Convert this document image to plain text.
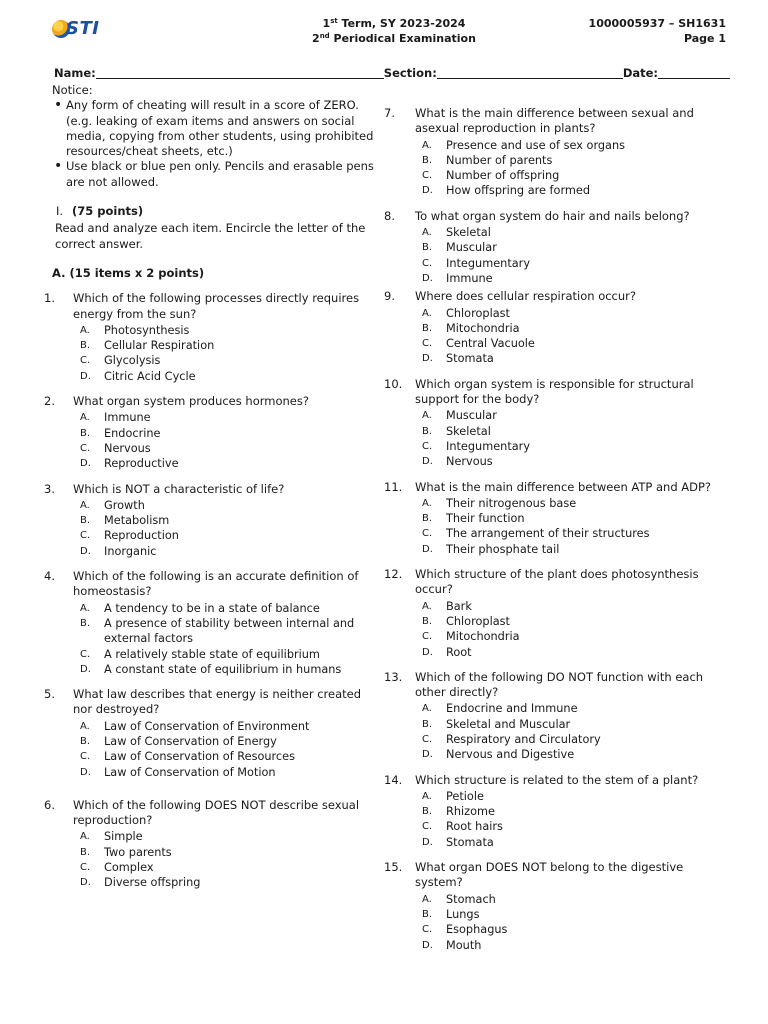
STI	1st Term, SY 2023-2024
2nd Periodical Examination
1000005937 – SH1631
Page 1
Name:	Section:	Date:
Notice:
• Any form of cheating will result in a score of ZERO. (e.g. leaking of exam items and answers on social media, copying from other students, using prohibited resources/cheat sheets, etc.)
• Use black or blue pen only. Pencils and erasable pens are not allowed.
I. (75 points)
Read and analyze each item. Encircle the letter of the correct answer.
A. (15 items x 2 points)
1.	Which of the following processes directly requires energy from the sun?
A. Photosynthesis
B. Cellular Respiration
C. Glycolysis
D. Citric Acid Cycle
2.	What organ system produces hormones?
A. Immune
B. Endocrine
C. Nervous
D. Reproductive
3.	Which is NOT a characteristic of life?
A. Growth
B. Metabolism
C. Reproduction
D. Inorganic
4.	Which of the following is an accurate definition of homeostasis?
A. A tendency to be in a state of balance
B. A presence of stability between internal and external factors
C. A relatively stable state of equilibrium
D. A constant state of equilibrium in humans
5.	What law describes that energy is neither created nor destroyed?
A. Law of Conservation of Environment
B. Law of Conservation of Energy
C. Law of Conservation of Resources
D. Law of Conservation of Motion
6.	Which of the following DOES NOT describe sexual reproduction?
A. Simple
B. Two parents
C. Complex
D. Diverse offspring
7.	What is the main difference between sexual and asexual reproduction in plants?
A. Presence and use of sex organs
B. Number of parents
C. Number of offspring
D. How offspring are formed
8.	To what organ system do hair and nails belong?
A. Skeletal
B. Muscular
C. Integumentary
D. Immune
9.	Where does cellular respiration occur?
A. Chloroplast
B. Mitochondria
C. Central Vacuole
D. Stomata
10.	Which organ system is responsible for structural support for the body?
A. Muscular
B. Skeletal
C. Integumentary
D. Nervous
11.	What is the main difference between ATP and ADP?
A. Their nitrogenous base
B. Their function
C. The arrangement of their structures
D. Their phosphate tail
12.	Which structure of the plant does photosynthesis occur?
A. Bark
B. Chloroplast
C. Mitochondria
D. Root
13.	Which of the following DO NOT function with each other directly?
A. Endocrine and Immune
B. Skeletal and Muscular
C. Respiratory and Circulatory
D. Nervous and Digestive
14.	Which structure is related to the stem of a plant?
A. Petiole
B. Rhizome
C. Root hairs
D. Stomata
15.	What organ DOES NOT belong to the digestive system?
A. Stomach
B. Lungs
C. Esophagus
D. Mouth
